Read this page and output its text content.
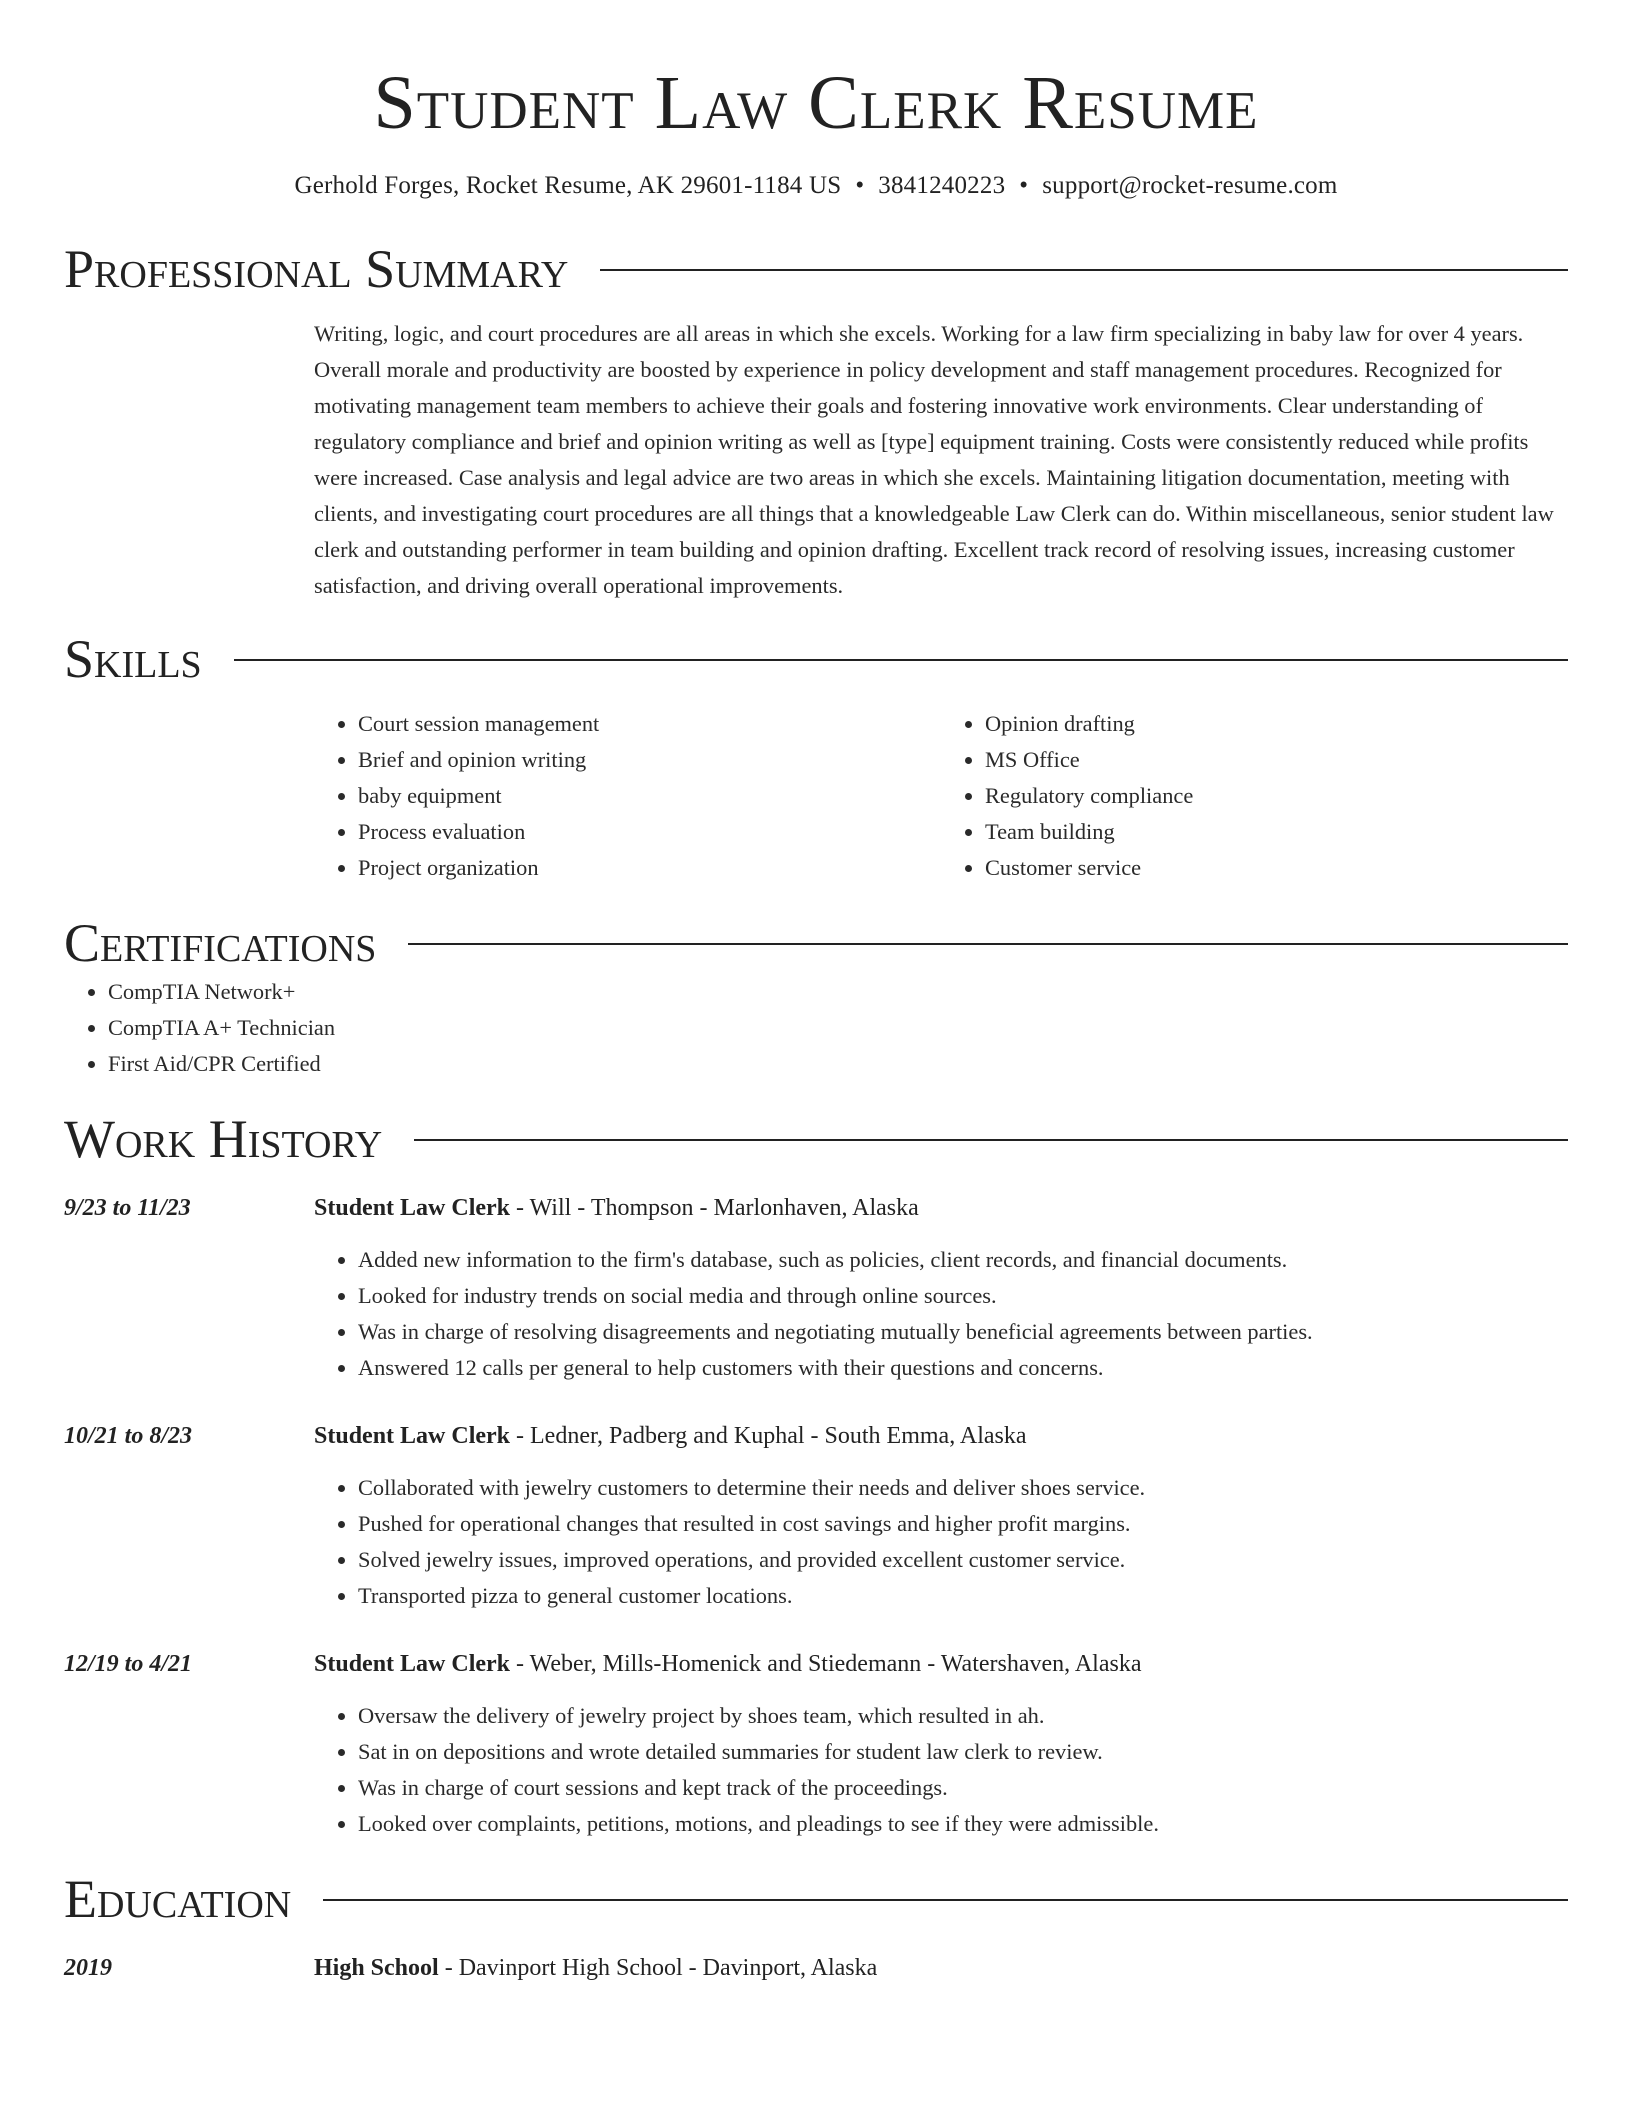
Student Law Clerk Resume
Gerhold Forges, Rocket Resume, AK 29601-1184 US • 3841240223 • support@rocket-resume.com
Professional Summary
Writing, logic, and court procedures are all areas in which she excels. Working for a law firm specializing in baby law for over 4 years. Overall morale and productivity are boosted by experience in policy development and staff management procedures. Recognized for motivating management team members to achieve their goals and fostering innovative work environments. Clear understanding of regulatory compliance and brief and opinion writing as well as [type] equipment training. Costs were consistently reduced while profits were increased. Case analysis and legal advice are two areas in which she excels. Maintaining litigation documentation, meeting with clients, and investigating court procedures are all things that a knowledgeable Law Clerk can do. Within miscellaneous, senior student law clerk and outstanding performer in team building and opinion drafting. Excellent track record of resolving issues, increasing customer satisfaction, and driving overall operational improvements.
Skills
• Court session management
• Brief and opinion writing
• baby equipment
• Process evaluation
• Project organization
• Opinion drafting
• MS Office
• Regulatory compliance
• Team building
• Customer service
Certifications
• CompTIA Network+
• CompTIA A+ Technician
• First Aid/CPR Certified
Work History
9/23 to 11/23	Student Law Clerk - Will - Thompson - Marlonhaven, Alaska
• Added new information to the firm's database, such as policies, client records, and financial documents.
• Looked for industry trends on social media and through online sources.
• Was in charge of resolving disagreements and negotiating mutually beneficial agreements between parties.
• Answered 12 calls per general to help customers with their questions and concerns.
10/21 to 8/23	Student Law Clerk - Ledner, Padberg and Kuphal - South Emma, Alaska
• Collaborated with jewelry customers to determine their needs and deliver shoes service.
• Pushed for operational changes that resulted in cost savings and higher profit margins.
• Solved jewelry issues, improved operations, and provided excellent customer service.
• Transported pizza to general customer locations.
12/19 to 4/21	Student Law Clerk - Weber, Mills-Homenick and Stiedemann - Watershaven, Alaska
• Oversaw the delivery of jewelry project by shoes team, which resulted in ah.
• Sat in on depositions and wrote detailed summaries for student law clerk to review.
• Was in charge of court sessions and kept track of the proceedings.
• Looked over complaints, petitions, motions, and pleadings to see if they were admissible.
Education
2019	High School - Davinport High School - Davinport, Alaska
